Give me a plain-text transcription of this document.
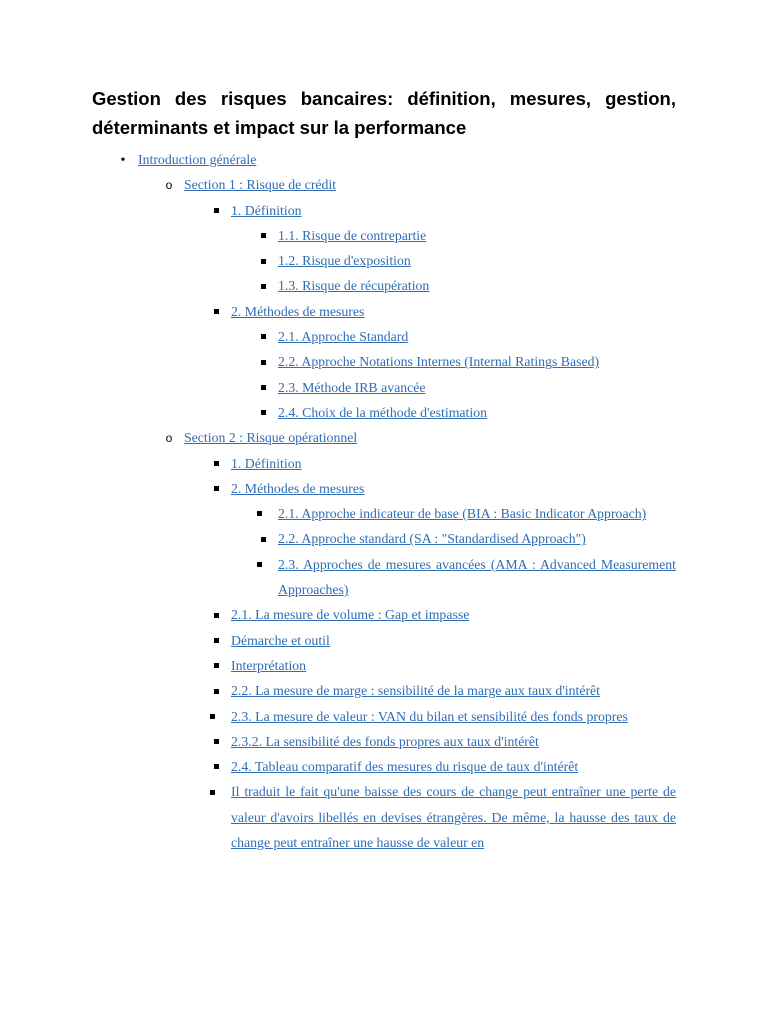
Gestion des risques bancaires: définition, mesures, gestion, déterminants et impact sur la performance
•
Introduction générale
o
Section 1 : Risque de crédit
1. Définition
1.1. Risque de contrepartie
1.2. Risque d'exposition
1.3. Risque de récupération
2. Méthodes de mesures
2.1. Approche Standard
2.2. Approche Notations Internes (Internal Ratings Based)
2.3. Méthode IRB avancée
2.4. Choix de la méthode d'estimation
o
Section 2 : Risque opérationnel
1. Définition
2. Méthodes de mesures
2.1. Approche indicateur de base (BIA : Basic Indicator Approach)
2.2. Approche standard (SA : "Standardised Approach")
2.3. Approches de mesures avancées (AMA : Advanced Measurement Approaches)
2.1. La mesure de volume : Gap et impasse
Démarche et outil
Interprétation
2.2. La mesure de marge : sensibilité de la marge aux taux d'intérêt
2.3. La mesure de valeur : VAN du bilan et sensibilité des fonds propres
2.3.2. La sensibilité des fonds propres aux taux d'intérêt
2.4. Tableau comparatif des mesures du risque de taux d'intérêt
Il traduit le fait qu'une baisse des cours de change peut entraîner une perte de valeur d'avoirs libellés en devises étrangères. De même, la hausse des taux de change peut entraîner une hausse de valeur en
